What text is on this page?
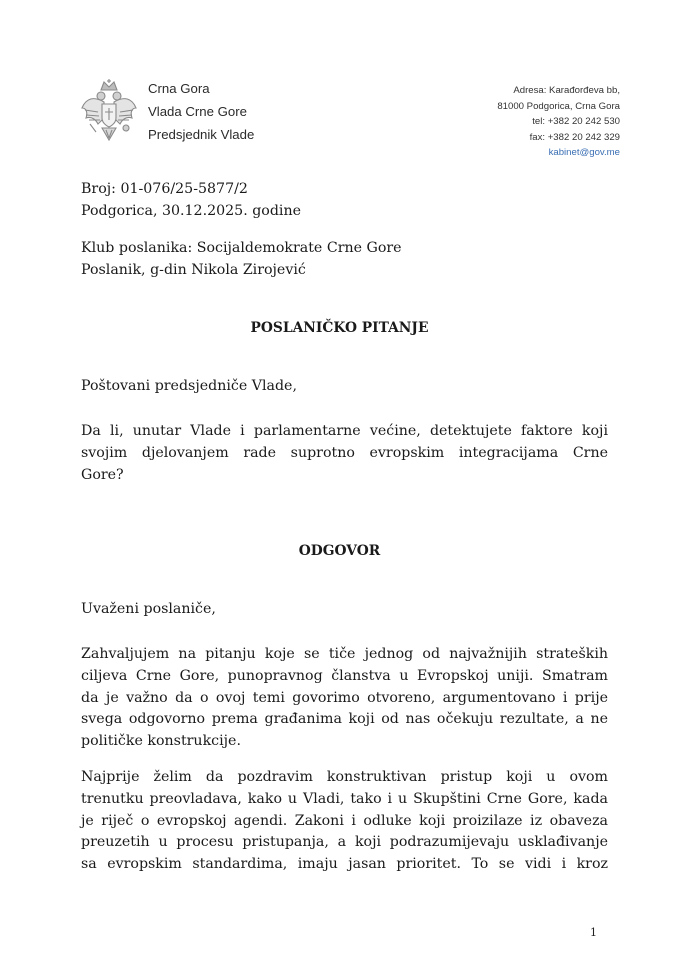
Crna Gora
Vlada Crne Gore
Predsjednik Vlade
Adresa: Karađorđeva bb,
81000 Podgorica, Crna Gora
tel: +382 20 242 530
fax: +382 20 242 329
kabinet@gov.me
Broj: 01-076/25-5877/2
Podgorica, 30.12.2025. godine
Klub poslanika: Socijaldemokrate Crne Gore
Poslanik, g-din Nikola Zirojević
POSLANIČKO PITANJE
Poštovani predsjedniče Vlade,
Da li, unutar Vlade i parlamentarne većine, detektujete faktore koji
svojim djelovanjem rade suprotno evropskim integracijama Crne
Gore?
ODGOVOR
Uvaženi poslaniče,
Zahvaljujem na pitanju koje se tiče jednog od najvažnijih strateških
ciljeva Crne Gore, punopravnog članstva u Evropskoj uniji. Smatram
da je važno da o ovoj temi govorimo otvoreno, argumentovano i prije
svega odgovorno prema građanima koji od nas očekuju rezultate, a ne
političke konstrukcije.
Najprije želim da pozdravim konstruktivan pristup koji u ovom
trenutku preovladava, kako u Vladi, tako i u Skupštini Crne Gore, kada
je riječ o evropskoj agendi. Zakoni i odluke koji proizilaze iz obaveza
preuzetih u procesu pristupanja, a koji podrazumijevaju usklađivanje
sa evropskim standardima, imaju jasan prioritet. To se vidi i kroz
1
